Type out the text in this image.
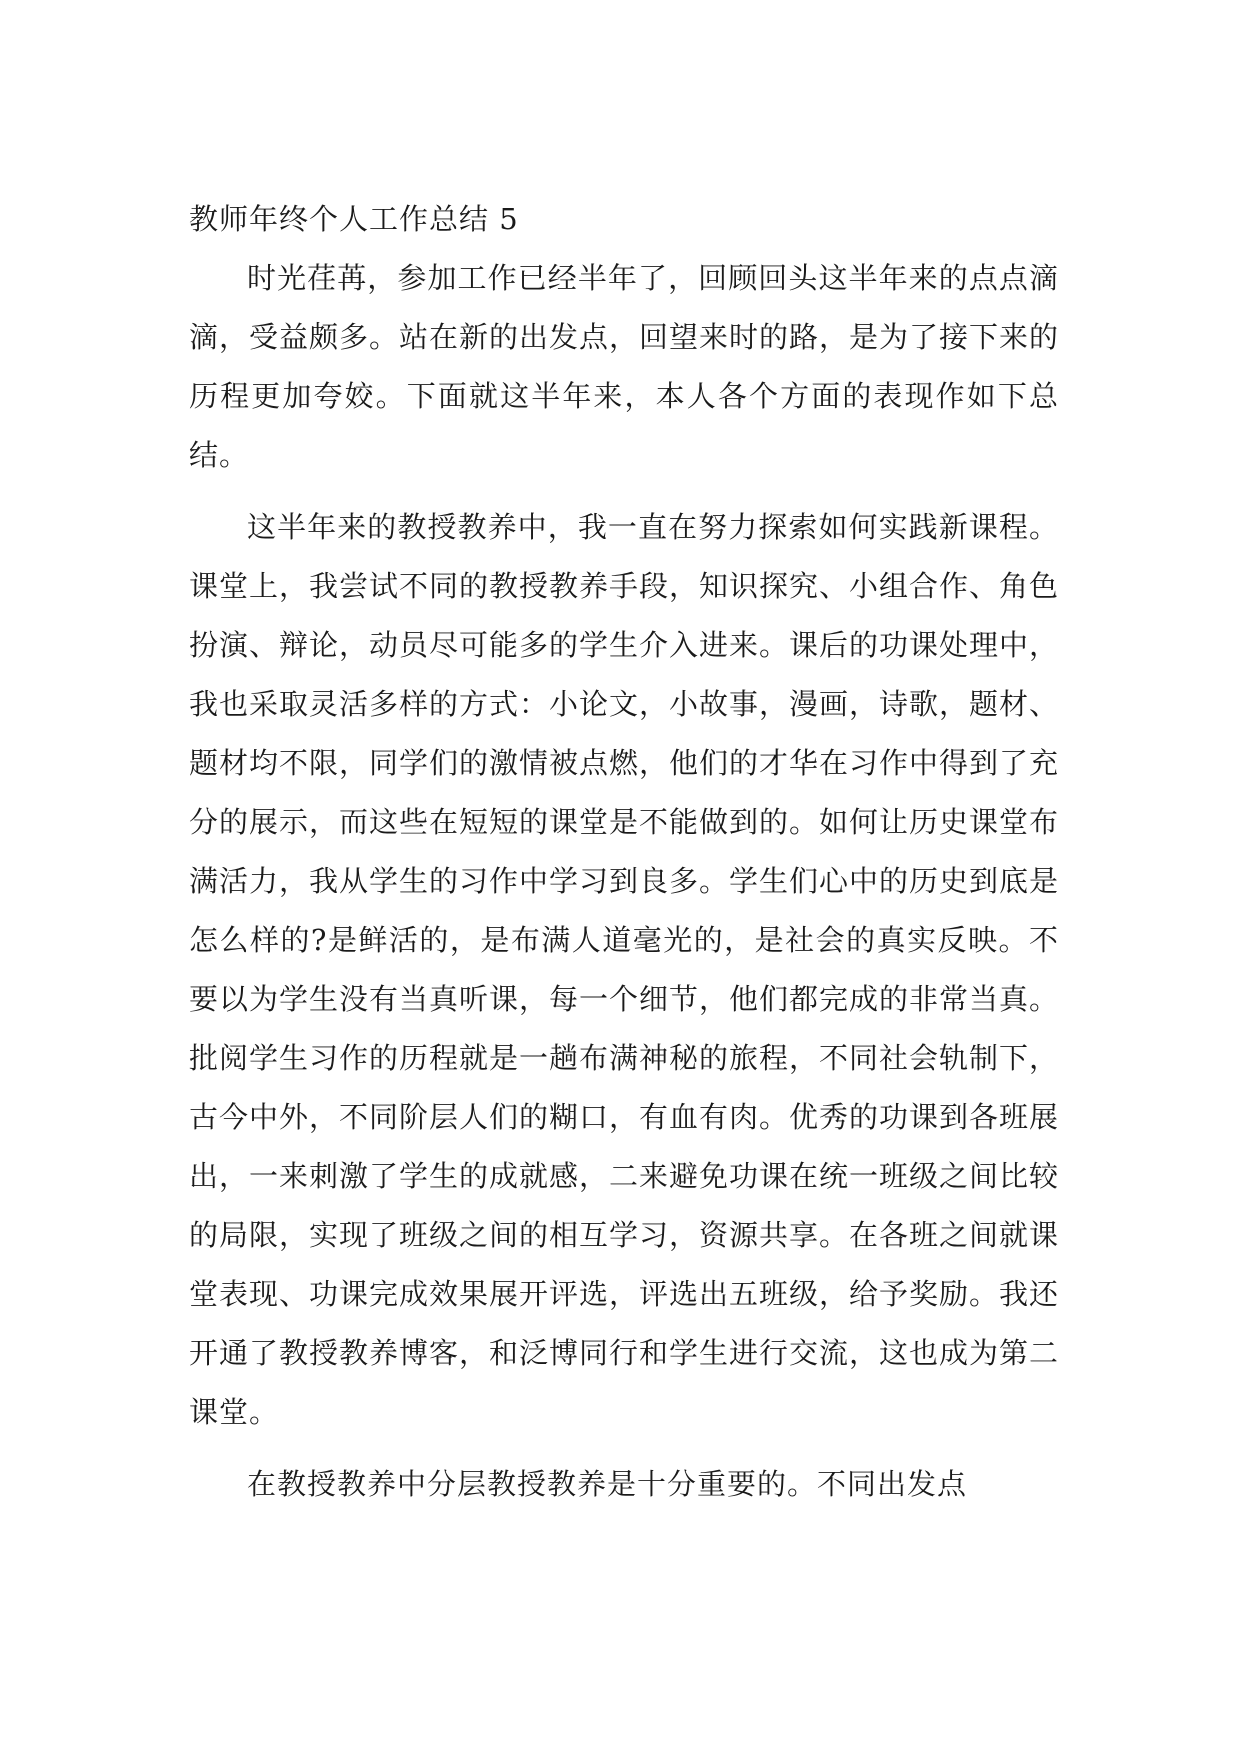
教师年终个人工作总结 5

时光荏苒，参加工作已经半年了，回顾回头这半年来的点点滴滴，受益颇多。站在新的出发点，回望来时的路，是为了接下来的历程更加夸姣。下面就这半年来，本人各个方面的表现作如下总结。

这半年来的教授教养中，我一直在努力探索如何实践新课程。课堂上，我尝试不同的教授教养手段，知识探究、小组合作、角色扮演、辩论，动员尽可能多的学生介入进来。课后的功课处理中，我也采取灵活多样的方式：小论文，小故事，漫画，诗歌，题材、题材均不限，同学们的激情被点燃，他们的才华在习作中得到了充分的展示，而这些在短短的课堂是不能做到的。如何让历史课堂布满活力，我从学生的习作中学习到良多。学生们心中的历史到底是怎么样的?是鲜活的，是布满人道毫光的，是社会的真实反映。不要以为学生没有当真听课，每一个细节，他们都完成的非常当真。批阅学生习作的历程就是一趟布满神秘的旅程，不同社会轨制下，古今中外，不同阶层人们的糊口，有血有肉。优秀的功课到各班展出，一来刺激了学生的成就感，二来避免功课在统一班级之间比较的局限，实现了班级之间的相互学习，资源共享。在各班之间就课堂表现、功课完成效果展开评选，评选出五班级，给予奖励。我还开通了教授教养博客，和泛博同行和学生进行交流，这也成为第二课堂。

在教授教养中分层教授教养是十分重要的。不同出发点
